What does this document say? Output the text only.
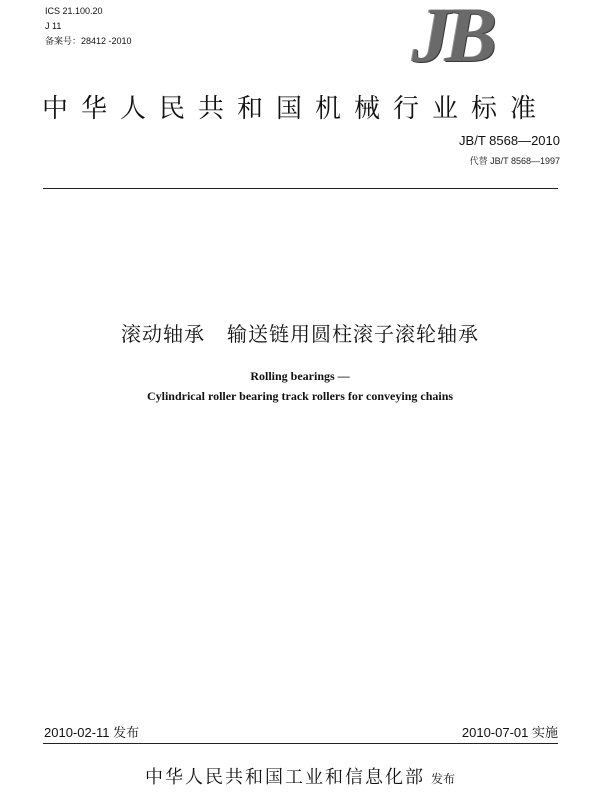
ICS 21.100.20
J 11
备案号：28412 -2010	JB
中华人民共和国机械行业标准
JB/T 8568—2010
代替 JB/T 8568—1997
滚动轴承   输送链用圆柱滚子滚轮轴承
Rolling bearings —
Cylindrical roller bearing track rollers for conveying chains
2010-02-11 发布	2010-07-01 实施
中华人民共和国工业和信息化部 发布
